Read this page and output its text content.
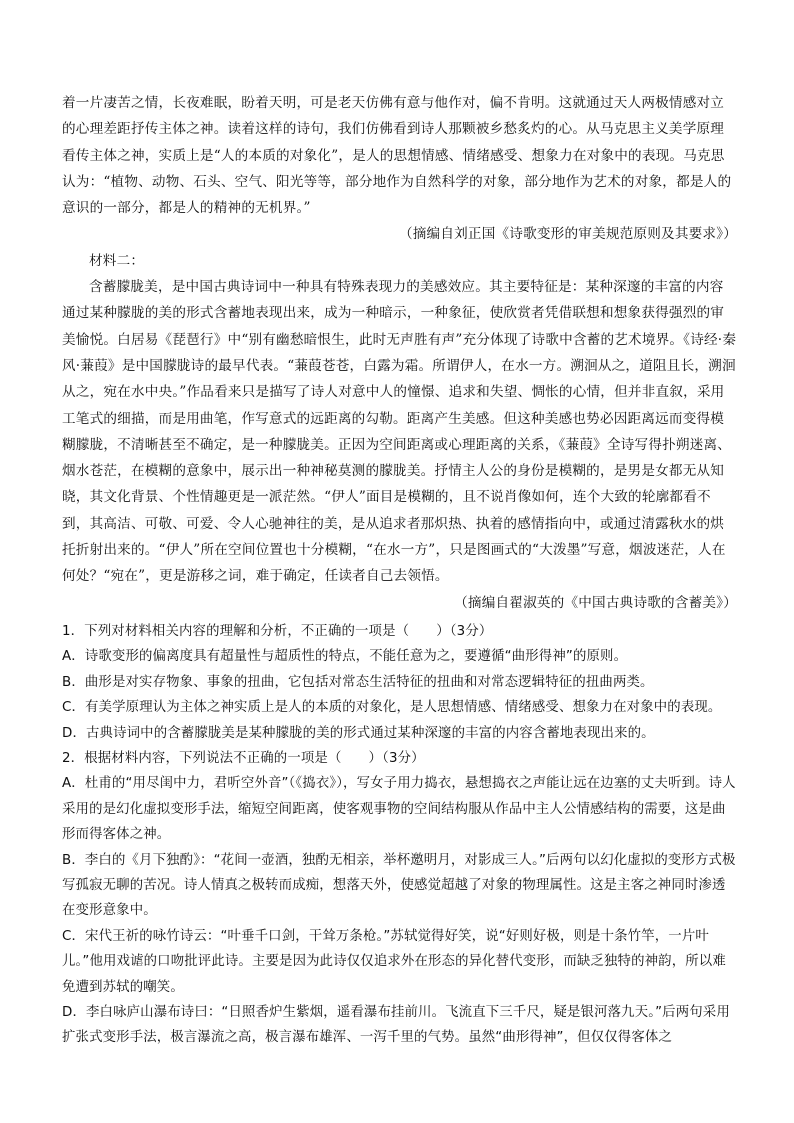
着一片凄苦之情，长夜难眠，盼着天明，可是老天仿佛有意与他作对，偏不肯明。这就通过天人两极情感对立的心理差距抒传主体之神。读着这样的诗句，我们仿佛看到诗人那颗被乡愁炙灼的心。从马克思主义美学原理看传主体之神，实质上是“人的本质的对象化”，是人的思想情感、情绪感受、想象力在对象中的表现。马克思认为：“植物、动物、石头、空气、阳光等等，部分地作为自然科学的对象，部分地作为艺术的对象，都是人的意识的一部分，都是人的精神的无机界。”

（摘编自刘正国《诗歌变形的审美规范原则及其要求》）

材料二：

含蓄朦胧美，是中国古典诗词中一种具有特殊表现力的美感效应。其主要特征是：某种深邃的丰富的内容通过某种朦胧的美的形式含蓄地表现出来，成为一种暗示，一种象征，使欣赏者凭借联想和想象获得强烈的审美愉悦。白居易《琵琶行》中“别有幽愁暗恨生，此时无声胜有声”充分体现了诗歌中含蓄的艺术境界。《诗经·秦风·蒹葭》是中国朦胧诗的最早代表。“蒹葭苍苍，白露为霜。所谓伊人，在水一方。溯洄从之，道阻且长，溯洄从之，宛在水中央。”作品看来只是描写了诗人对意中人的憧憬、追求和失望、惆怅的心情，但并非直叙，采用工笔式的细描，而是用曲笔，作写意式的远距离的勾勒。距离产生美感。但这种美感也势必因距离远而变得模糊朦胧，不清晰甚至不确定，是一种朦胧美。正因为空间距离或心理距离的关系，《蒹葭》全诗写得扑朔迷离、烟水苍茫，在模糊的意象中，展示出一种神秘莫测的朦胧美。抒情主人公的身份是模糊的，是男是女都无从知晓，其文化背景、个性情趣更是一派茫然。“伊人”面目是模糊的，且不说肖像如何，连个大致的轮廓都看不到，其高洁、可敬、可爱、令人心驰神往的美，是从追求者那炽热、执着的感情指向中，或通过清露秋水的烘托折射出来的。“伊人”所在空间位置也十分模糊，“在水一方”，只是图画式的“大泼墨”写意，烟波迷茫，人在何处？“宛在”，更是游移之词，难于确定，任读者自己去领悟。

（摘编自翟淑英的《中国古典诗歌的含蓄美》）

1．下列对材料相关内容的理解和分析，不正确的一项是（　　）（3分）

A．诗歌变形的偏离度具有超量性与超质性的特点，不能任意为之，要遵循“曲形得神”的原则。

B．曲形是对实存物象、事象的扭曲，它包括对常态生活特征的扭曲和对常态逻辑特征的扭曲两类。

C．有美学原理认为主体之神实质上是人的本质的对象化，是人思想情感、情绪感受、想象力在对象中的表现。

D．古典诗词中的含蓄朦胧美是某种朦胧的美的形式通过某种深邃的丰富的内容含蓄地表现出来的。

2．根据材料内容，下列说法不正确的一项是（　　）（3分）

A．杜甫的“用尽闺中力，君听空外音”（《捣衣》），写女子用力捣衣，悬想捣衣之声能让远在边塞的丈夫听到。诗人采用的是幻化虚拟变形手法，缩短空间距离，使客观事物的空间结构服从作品中主人公情感结构的需要，这是曲形而得客体之神。

B．李白的《月下独酌》：“花间一壶酒，独酌无相亲，举杯邀明月，对影成三人。”后两句以幻化虚拟的变形方式极写孤寂无聊的苦况。诗人情真之极转而成痴，想落天外，使感觉超越了对象的物理属性。这是主客之神同时渗透在变形意象中。

C．宋代王祈的咏竹诗云：“叶垂千口剑，干耸万条枪。”苏轼觉得好笑，说“好则好极，则是十条竹竿，一片叶儿。”他用戏谑的口吻批评此诗。主要是因为此诗仅仅追求外在形态的异化替代变形，而缺乏独特的神韵，所以难免遭到苏轼的嘲笑。

D．李白咏庐山瀑布诗曰：“日照香炉生紫烟，遥看瀑布挂前川。飞流直下三千尺，疑是银河落九天。”后两句采用扩张式变形手法，极言瀑流之高，极言瀑布雄浑、一泻千里的气势。虽然“曲形得神”，但仅仅得客体之
